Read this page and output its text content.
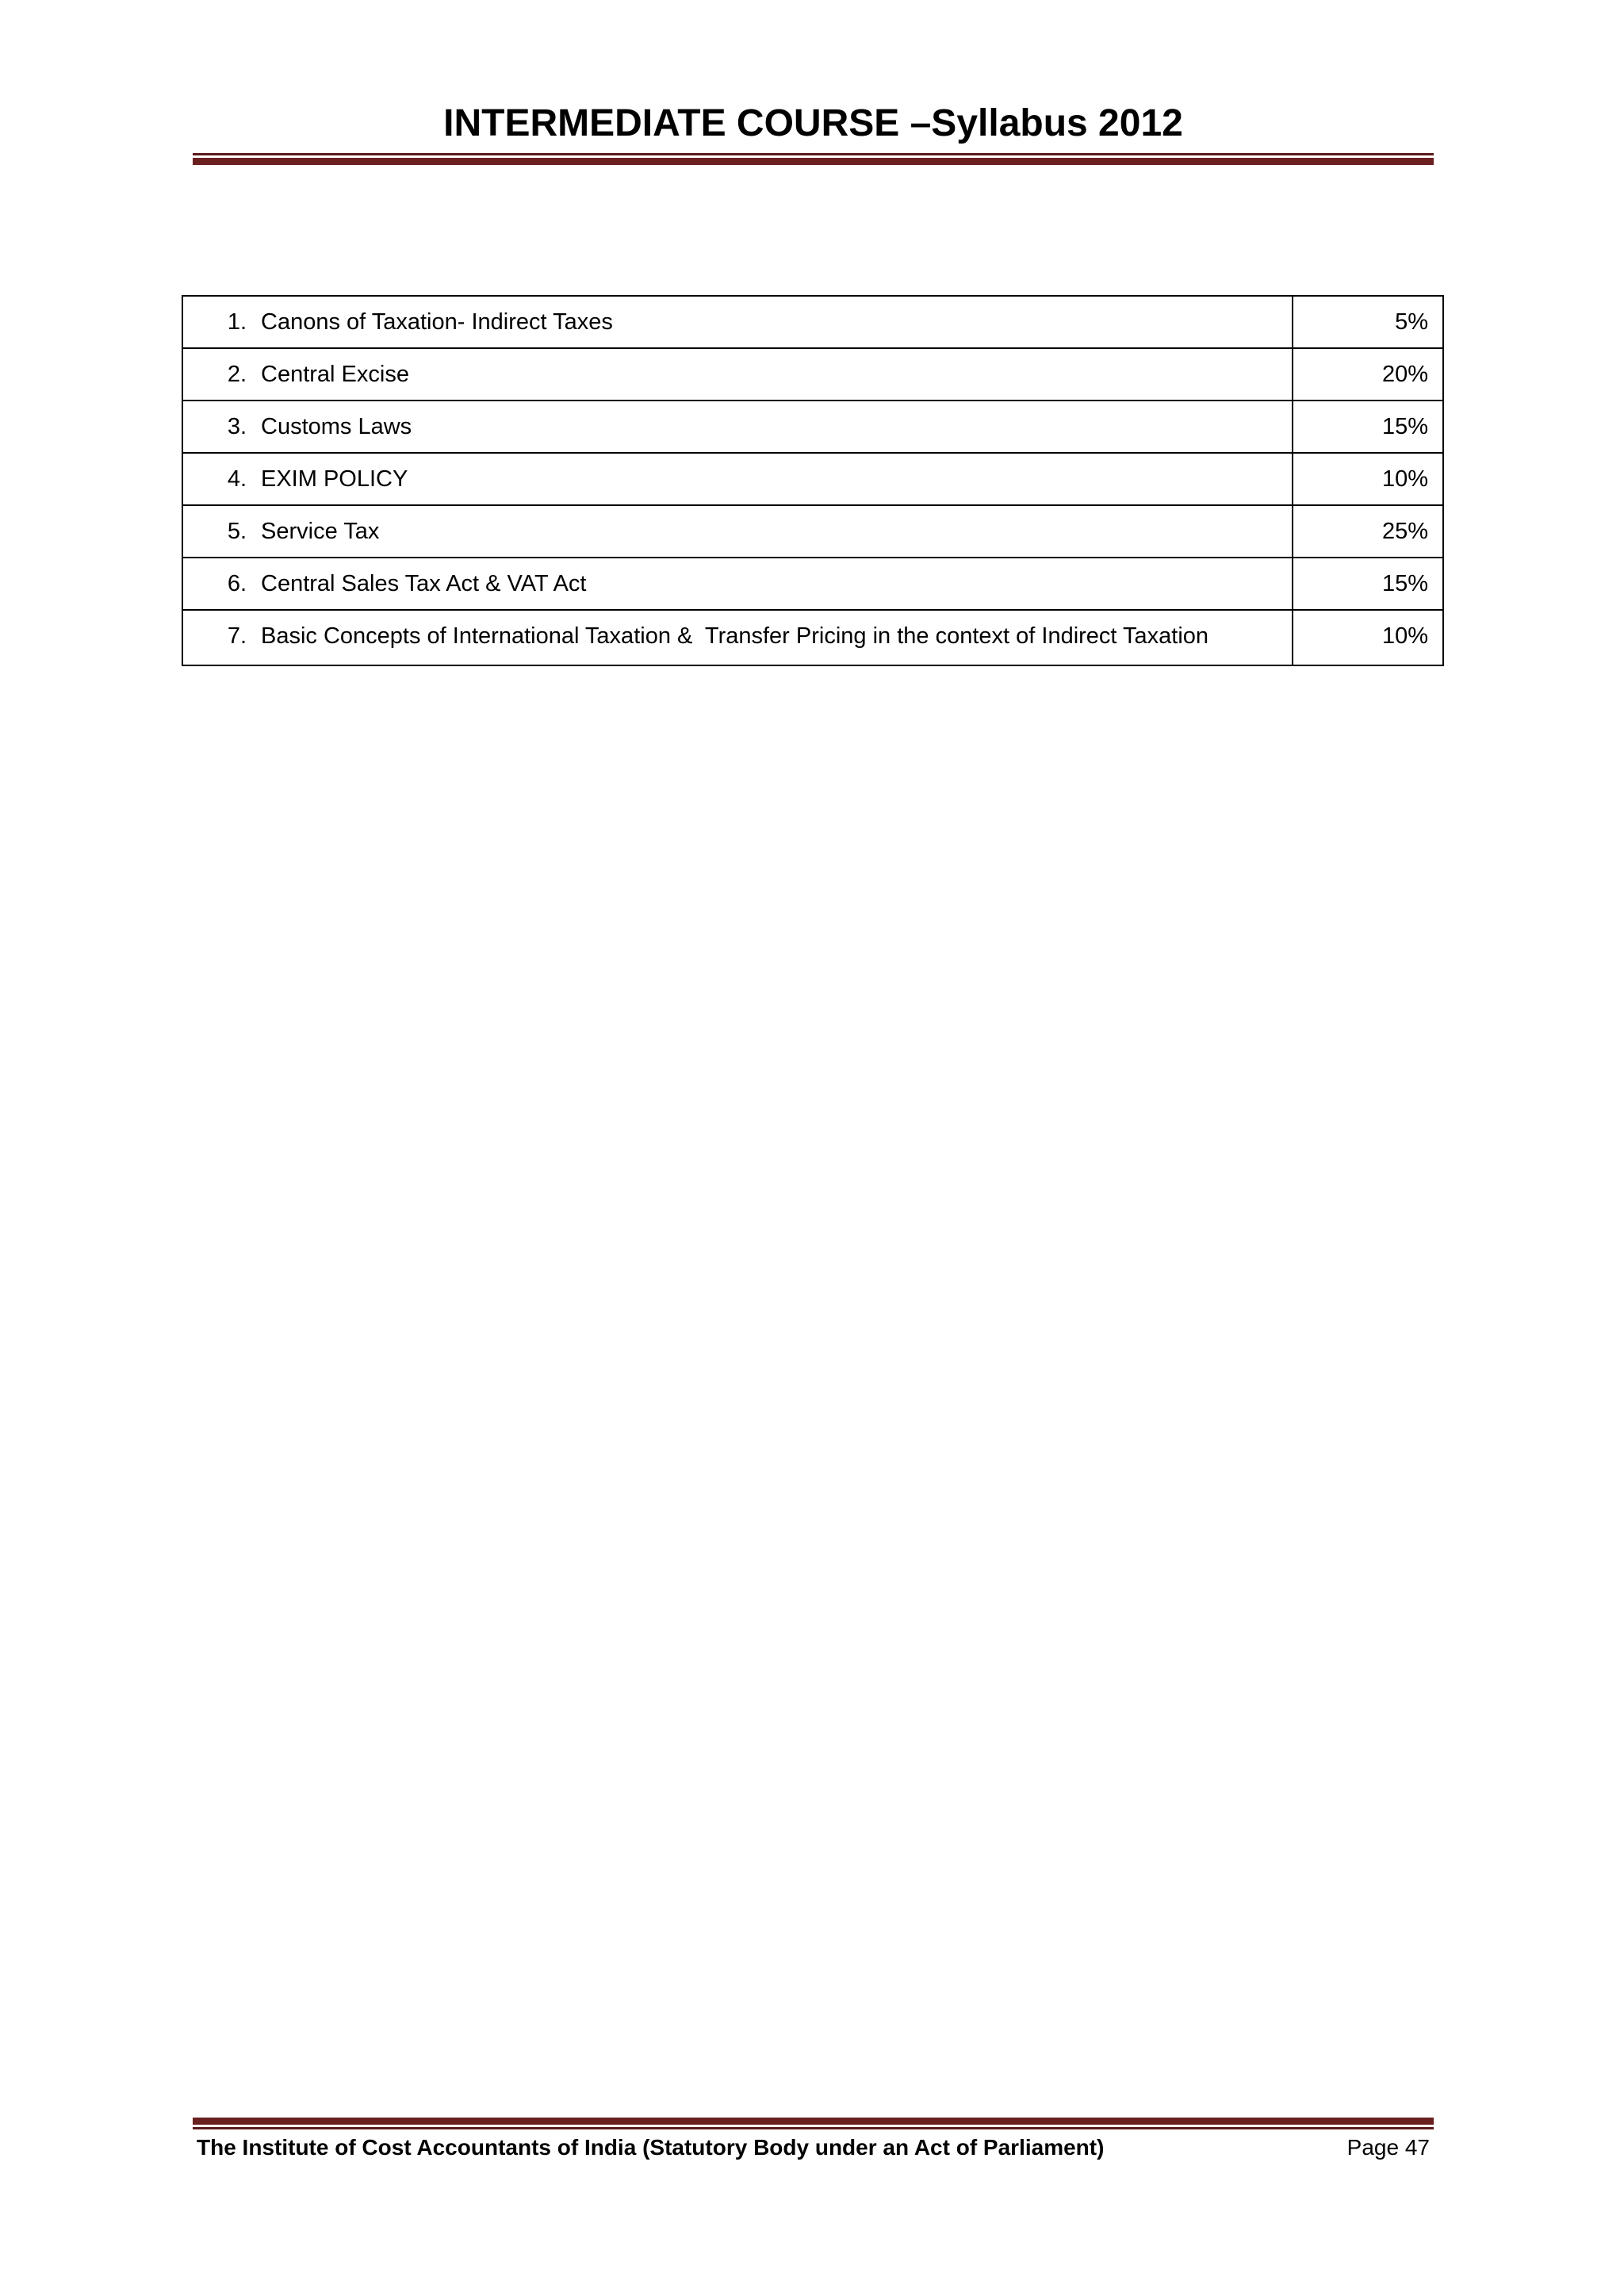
INTERMEDIATE COURSE –Syllabus 2012
1. Canons of Taxation- Indirect Taxes	5%

2. Central Excise	20%

3. Customs Laws	15%

4. EXIM POLICY	10%

5. Service Tax	25%

6. Central Sales Tax Act & VAT Act	15%

7. Basic Concepts of International Taxation &  Transfer Pricing in the context of Indirect Taxation	10%
The Institute of Cost Accountants of India (Statutory Body under an Act of Parliament)	Page 47
